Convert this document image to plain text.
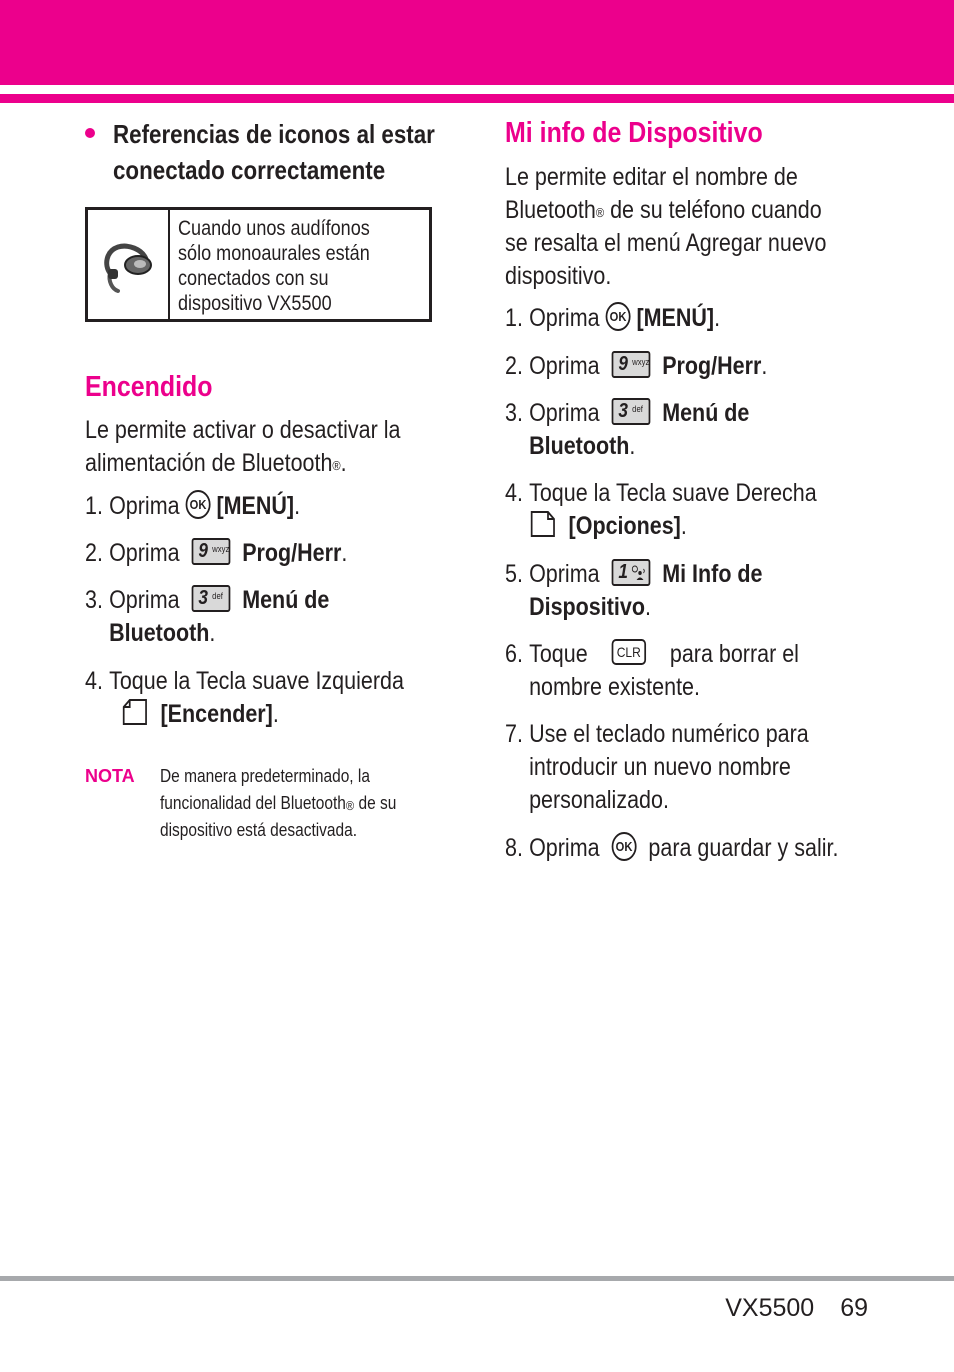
Referencias de iconos al estar
conectado correctamente
Cuando unos audífonos
sólo monoaurales están
conectados con su
dispositivo VX5500
Encendido
Le permite activar o desactivar la
alimentación de Bluetooth®.
1. Oprima OK [MENÚ].
2. Oprima 9 wxyz Prog/Herr.
3. Oprima 3 def Menú de
Bluetooth.
4. Toque la Tecla suave Izquierda
[Encender].
NOTA De manera predeterminado, la
funcionalidad del Bluetooth® de su
dispositivo está desactivada.
Mi info de Dispositivo
Le permite editar el nombre de
Bluetooth® de su teléfono cuando
se resalta el menú Agregar nuevo
dispositivo.
1. Oprima OK [MENÚ].
2. Oprima 9 wxyz Prog/Herr.
3. Oprima 3 def Menú de
Bluetooth.
4. Toque la Tecla suave Derecha
[Opciones].
5. Oprima 1 Mi Info de
Dispositivo.
6. Toque CLR para borrar el
nombre existente.
7. Use el teclado numérico para
introducir un nuevo nombre
personalizado.
8. Oprima OK para guardar y salir.
VX5500 69
